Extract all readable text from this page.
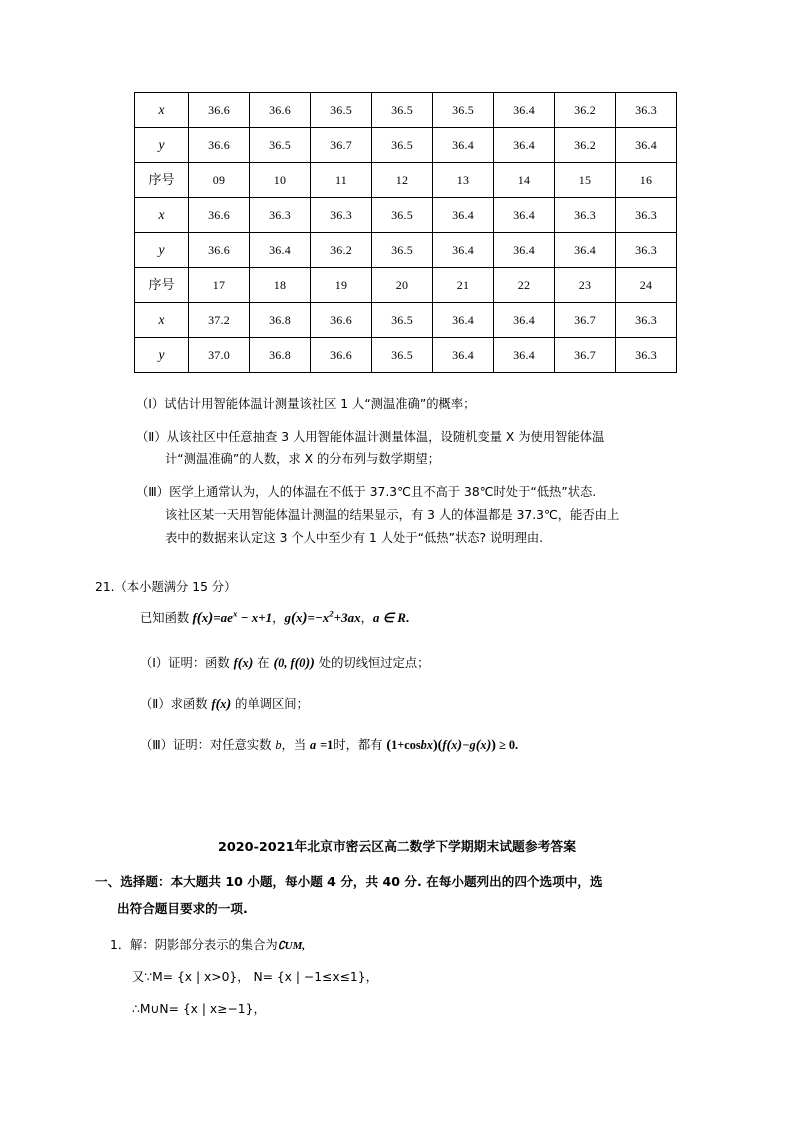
x	36.6	36.6	36.5	36.5	36.5	36.4	36.2	36.3
y	36.6	36.5	36.7	36.5	36.4	36.4	36.2	36.4
序号	09	10	11	12	13	14	15	16
x	36.6	36.3	36.3	36.5	36.4	36.4	36.3	36.3
y	36.6	36.4	36.2	36.5	36.4	36.4	36.4	36.3
序号	17	18	19	20	21	22	23	24
x	37.2	36.8	36.6	36.5	36.4	36.4	36.7	36.3
y	37.0	36.8	36.6	36.5	36.4	36.4	36.7	36.3
（Ⅰ）试估计用智能体温计测量该社区 1 人“测温准确”的概率；
（Ⅱ）从该社区中任意抽查 3 人用智能体温计测量体温，设随机变量 X 为使用智能体温
计“测温准确”的人数，求 X 的分布列与数学期望；
（Ⅲ）医学上通常认为，人的体温在不低于 37.3℃且不高于 38℃时处于“低热”状态.
该社区某一天用智能体温计测温的结果显示，有 3 人的体温都是 37.3℃，能否由上
表中的数据来认定这 3 个人中至少有 1 人处于“低热”状态? 说明理由.
21.（本小题满分 15 分）
已知函数 $f(x)=ae^x - x+1$，$g(x)=-x^2+3ax$，a ∈ R.
（Ⅰ）证明：函数 f(x) 在 (0, f(0)) 处的切线恒过定点；
（Ⅱ）求函数 f(x) 的单调区间；
（Ⅲ）证明：对任意实数 b，当 a =1时，都有 (1+cosbx)(f(x)−g(x)) ≥ 0.
2020-2021年北京市密云区高二数学下学期期末试题参考答案
一、选择题：本大题共 10 小题，每小题 4 分，共 40 分. 在每小题列出的四个选项中，选
出符合题目要求的一项.
1．解：阴影部分表示的集合为∁UM,
又∵M= {x | x>0}， N= {x | −1≤x≤1}，
∴M∪N= {x | x≥−1}，
